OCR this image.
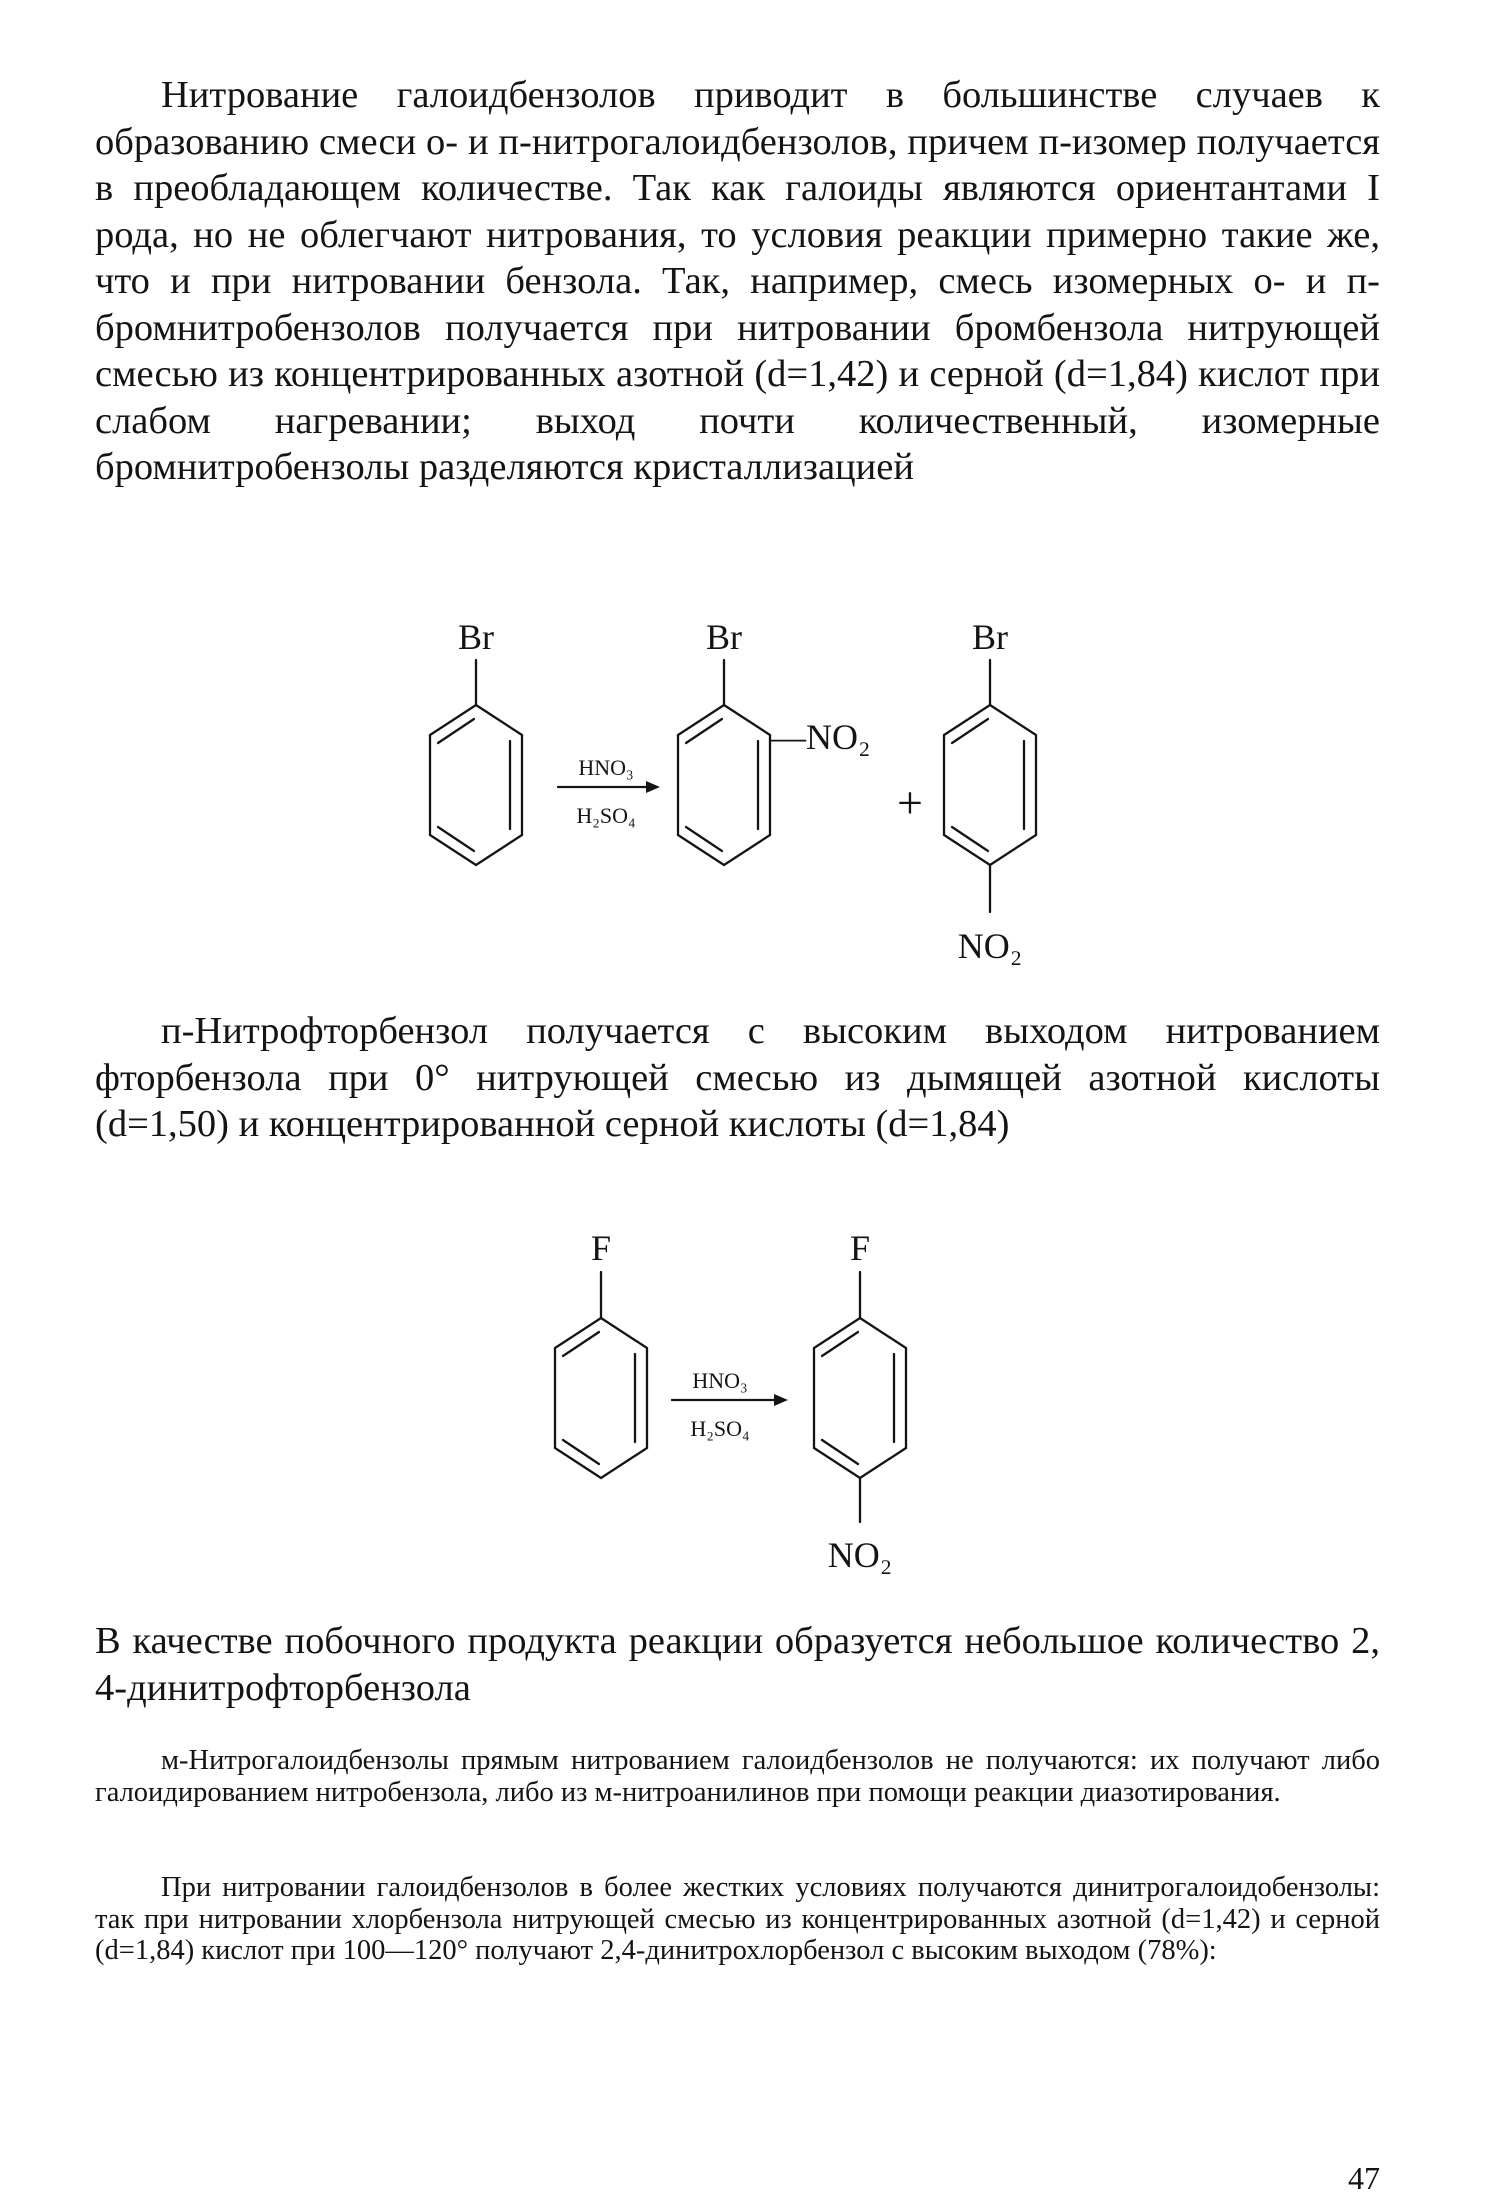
Нитрование галоидбензолов приводит в большинстве случаев к образованию смеси о- и п-нитрогалоидбензолов, причем п-изомер получается в преобладающем количестве. Так как галоиды являются ориентантами I рода, но не облегчают нитрования, то условия реакции примерно такие же, что и при нитровании бензола. Так, например, смесь изомерных о- и п-бромнитробензолов получается при нитровании бромбензола нитрующей смесью из концентрированных азотной (d=1,42) и серной (d=1,84) кислот при слабом нагревании; выход почти количественный, изомерные бромнитробензолы разделяются кристаллизацией

Br
HNO₃
H₂SO₄
Br
—NO₂
+
Br
NO₂

п-Нитрофторбензол получается с высоким выходом нитрованием фторбензола при 0° нитрующей смесью из дымящей азотной кислоты (d=1,50) и концентрированной серной кислоты (d=1,84)

F
HNO₃
H₂SO₄
F
NO₂

В качестве побочного продукта реакции образуется небольшое количество 2, 4-динитрофторбензола

м-Нитрогалоидбензолы прямым нитрованием галоидбензолов не получаются: их получают либо галоидированием нитробензола, либо из м-нитроанилинов при помощи реакции диазотирования.

При нитровании галоидбензолов в более жестких условиях получаются динитрогалоидобензолы: так при нитровании хлорбензола нитрующей смесью из концентрированных азотной (d=1,42) и серной (d=1,84) кислот при 100—120° получают 2,4-динитрохлорбензол с высоким выходом (78%):

47
